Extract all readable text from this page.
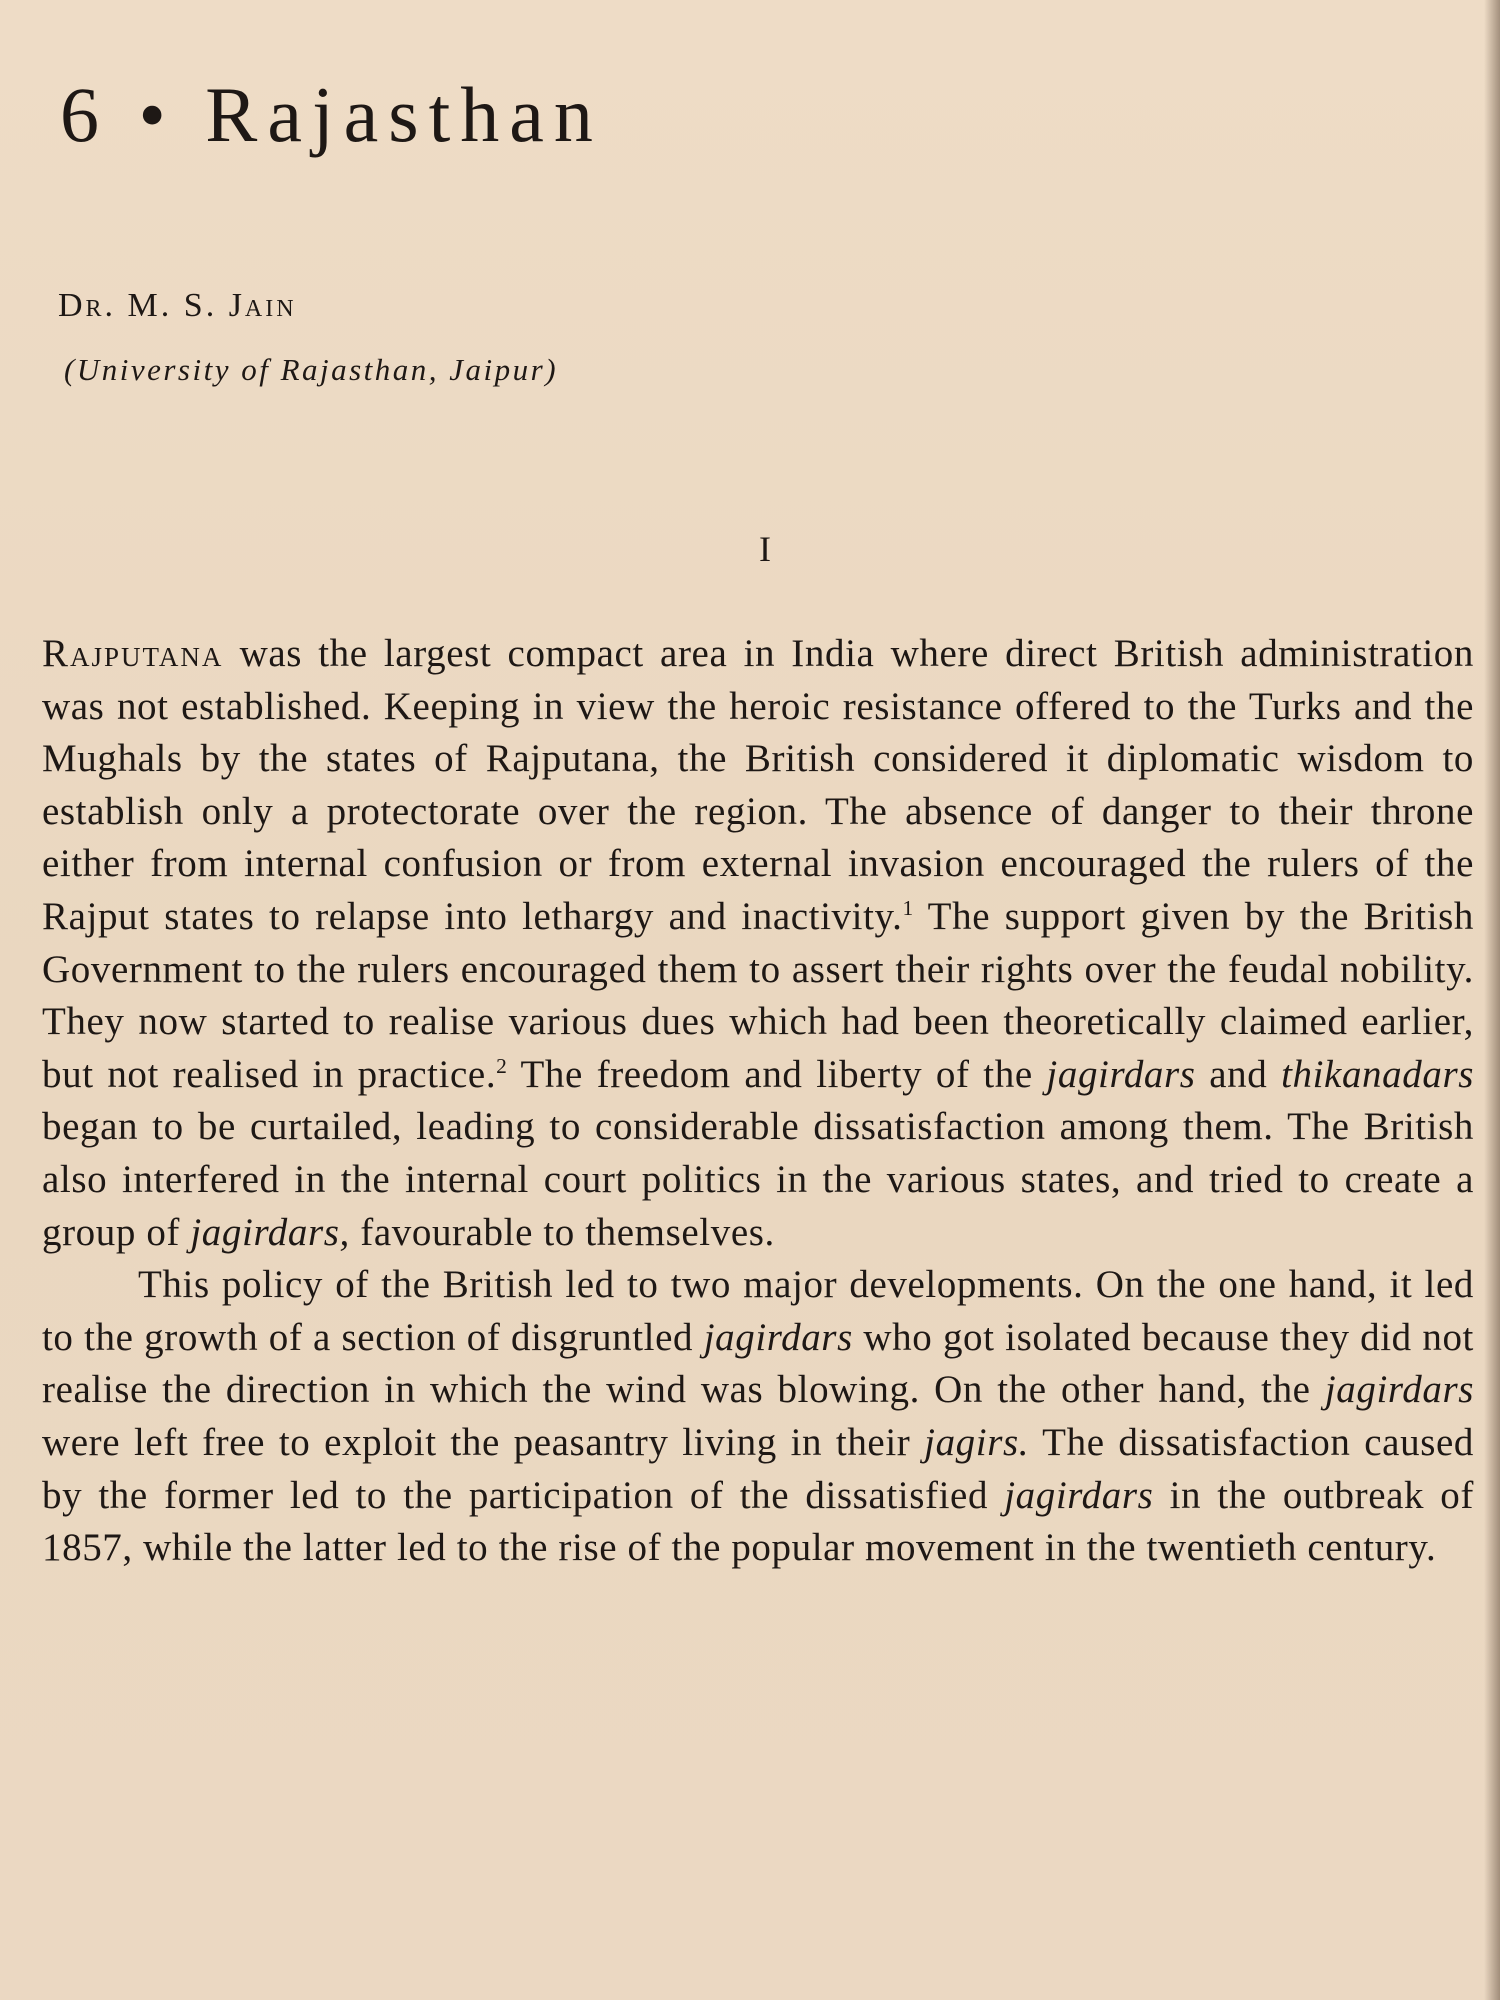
6 • Rajasthan
Dr. M. S. Jain
(University of Rajasthan, Jaipur)
I

Rajputana was the largest compact area in India where direct British administration was not established. Keeping in view the heroic resistance offered to the Turks and the Mughals by the states of Rajputana, the British considered it diplomatic wisdom to establish only a protectorate over the region. The absence of danger to their throne either from internal confusion or from external invasion encouraged the rulers of the Rajput states to relapse into lethargy and inactivity.$^1$ The support given by the British Government to the rulers encouraged them to assert their rights over the feudal nobility. They now started to realise various dues which had been theoretically claimed earlier, but not realised in practice.$^2$ The freedom and liberty of the jagirdars and thikanadars began to be curtailed, leading to considerable dissatisfaction among them. The British also interfered in the internal court politics in the various states, and tried to create a group of jagirdars, favourable to themselves.

This policy of the British led to two major developments. On the one hand, it led to the growth of a section of disgruntled jagirdars who got isolated because they did not realise the direction in which the wind was blowing. On the other hand, the jagirdars were left free to exploit the peasantry living in their jagirs. The dissatisfaction caused by the former led to the participation of the dissatisfied jagirdars in the outbreak of 1857, while the latter led to the rise of the popular movement in the twentieth century.
